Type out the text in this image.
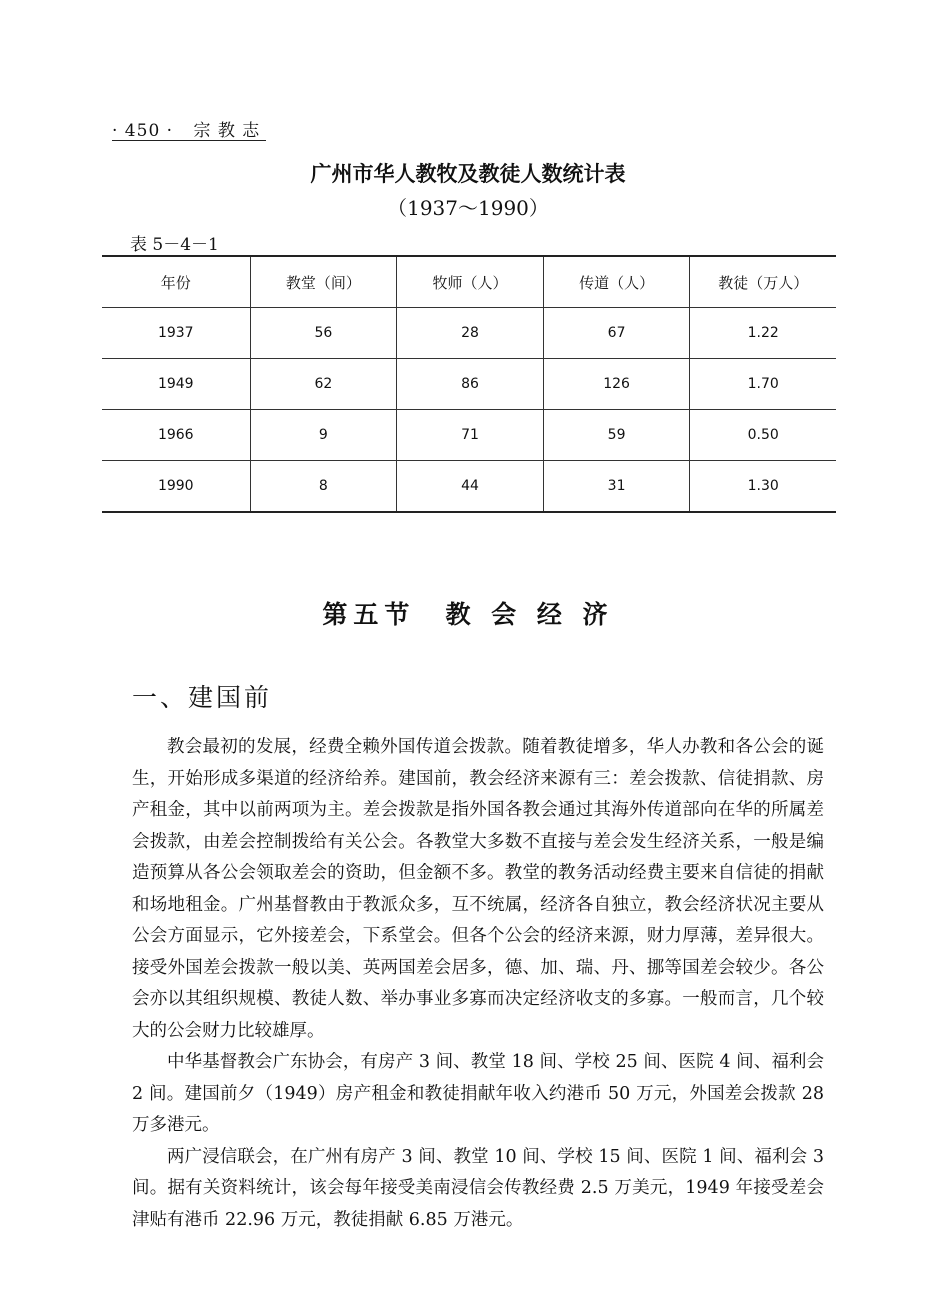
· 450 · 宗 教 志
广州市华人教牧及教徒人数统计表
（1937～1990）
表 5－4－1
年份	教堂（间）	牧师（人）	传道（人）	教徒（万人）
1937	56	28	67	1.22
1949	62	86	126	1.70
1966	9	71	59	0.50
1990	8	44	31	1.30
第五节 教 会 经 济
一、建国前

教会最初的发展，经费全赖外国传道会拨款。随着教徒增多，华人办教和各公会的诞生，开始形成多渠道的经济给养。建国前，教会经济来源有三：差会拨款、信徒捐款、房产租金，其中以前两项为主。差会拨款是指外国各教会通过其海外传道部向在华的所属差会拨款，由差会控制拨给有关公会。各教堂大多数不直接与差会发生经济关系，一般是编造预算从各公会领取差会的资助，但金额不多。教堂的教务活动经费主要来自信徒的捐献和场地租金。广州基督教由于教派众多，互不统属，经济各自独立，教会经济状况主要从公会方面显示，它外接差会，下系堂会。但各个公会的经济来源，财力厚薄，差异很大。接受外国差会拨款一般以美、英两国差会居多，德、加、瑞、丹、挪等国差会较少。各公会亦以其组织规模、教徒人数、举办事业多寡而决定经济收支的多寡。一般而言，几个较大的公会财力比较雄厚。

中华基督教会广东协会，有房产 3 间、教堂 18 间、学校 25 间、医院 4 间、福利会 2 间。建国前夕（1949）房产租金和教徒捐献年收入约港币 50 万元，外国差会拨款 28 万多港元。

两广浸信联会，在广州有房产 3 间、教堂 10 间、学校 15 间、医院 1 间、福利会 3 间。据有关资料统计，该会每年接受美南浸信会传教经费 2.5 万美元，1949 年接受差会津贴有港币 22.96 万元，教徒捐献 6.85 万港元。
